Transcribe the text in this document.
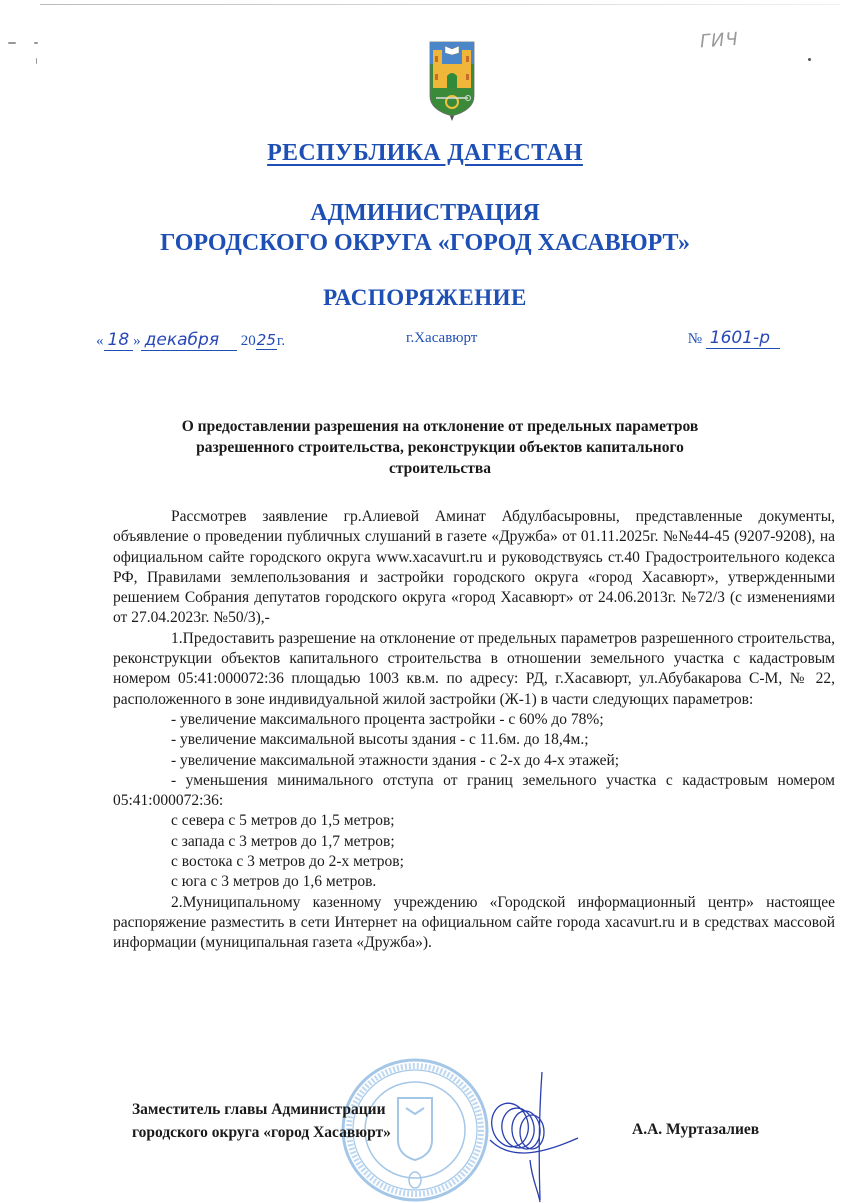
ГИЧ
РЕСПУБЛИКА ДАГЕСТАН
АДМИНИСТРАЦИЯ
ГОРОДСКОГО ОКРУГА «ГОРОД ХАСАВЮРТ»
РАСПОРЯЖЕНИЕ
« 18 » декабря 2025г.	г.Хасавюрт	№ 1601-р
О предоставлении разрешения на отклонение от предельных параметров разрешенного строительства, реконструкции объектов капитального строительства

Рассмотрев заявление гр.Алиевой Аминат Абдулбасыровны, представленные документы, объявление о проведении публичных слушаний в газете «Дружба» от 01.11.2025г. №№44-45 (9207-9208), на официальном сайте городского округа www.xacavurt.ru и руководствуясь ст.40 Градостроительного кодекса РФ, Правилами землепользования и застройки городского округа «город Хасавюрт», утвержденными решением Собрания депутатов городского округа «город Хасавюрт» от 24.06.2013г. №72/3 (с изменениями от 27.04.2023г. №50/3),-

1.Предоставить разрешение на отклонение от предельных параметров разрешенного строительства, реконструкции объектов капитального строительства в отношении земельного участка с кадастровым номером 05:41:000072:36 площадью 1003 кв.м. по адресу: РД, г.Хасавюрт, ул.Абубакарова С-М, № 22, расположенного в зоне индивидуальной жилой застройки (Ж-1) в части следующих параметров:

- увеличение максимального процента застройки - с 60% до 78%;

- увеличение максимальной высоты здания - с 11.6м. до 18,4м.;

- увеличение максимальной этажности здания - с 2-х до 4-х этажей;

- уменьшения минимального отступа от границ земельного участка с кадастровым номером 05:41:000072:36:

с севера с 5 метров до 1,5 метров;

с запада с 3 метров до 1,7 метров;

с востока с 3 метров до 2-х метров;

с юга с 3 метров до 1,6 метров.

2.Муниципальному казенному учреждению «Городской информационный центр» настоящее распоряжение разместить в сети Интернет на официальном сайте города xacavurt.ru и в средствах массовой информации (муниципальная газета «Дружба»).

Заместитель главы Администрации
городского округа «город Хасавюрт»	А.А. Муртазалиев
